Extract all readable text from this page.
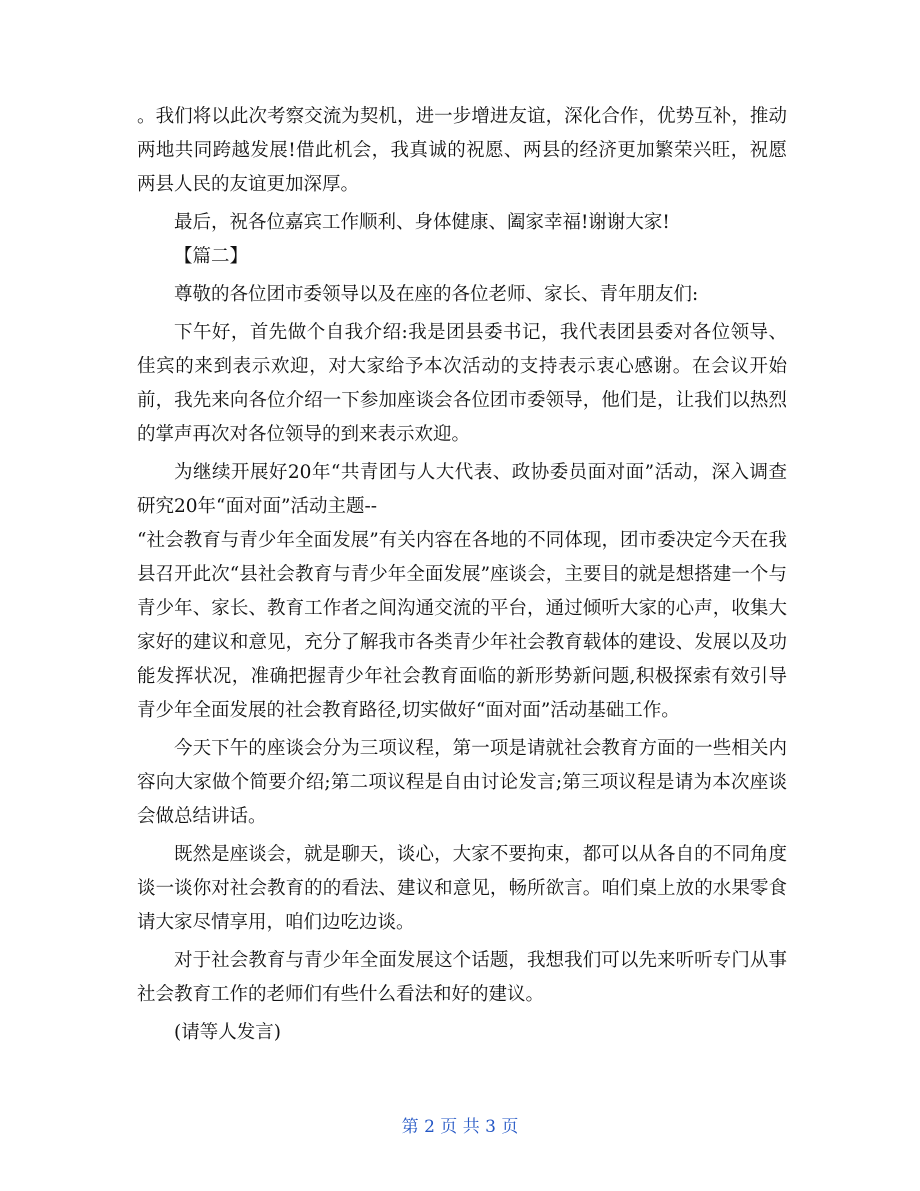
。我们将以此次考察交流为契机，进一步增进友谊，深化合作，优势互补，推动两地共同跨越发展!借此机会，我真诚的祝愿、两县的经济更加繁荣兴旺，祝愿两县人民的友谊更加深厚。

最后，祝各位嘉宾工作顺利、身体健康、阖家幸福!谢谢大家!

【篇二】

尊敬的各位团市委领导以及在座的各位老师、家长、青年朋友们:

下午好，首先做个自我介绍:我是团县委书记，我代表团县委对各位领导、佳宾的来到表示欢迎，对大家给予本次活动的支持表示衷心感谢。在会议开始前，我先来向各位介绍一下参加座谈会各位团市委领导，他们是，让我们以热烈的掌声再次对各位领导的到来表示欢迎。

为继续开展好20年“共青团与人大代表、政协委员面对面”活动，深入调查研究20年“面对面”活动主题--

“社会教育与青少年全面发展”有关内容在各地的不同体现，团市委决定今天在我县召开此次“县社会教育与青少年全面发展”座谈会，主要目的就是想搭建一个与青少年、家长、教育工作者之间沟通交流的平台，通过倾听大家的心声，收集大家好的建议和意见，充分了解我市各类青少年社会教育载体的建设、发展以及功能发挥状况，准确把握青少年社会教育面临的新形势新问题,积极探索有效引导青少年全面发展的社会教育路径,切实做好“面对面”活动基础工作。

今天下午的座谈会分为三项议程，第一项是请就社会教育方面的一些相关内容向大家做个简要介绍;第二项议程是自由讨论发言;第三项议程是请为本次座谈会做总结讲话。

既然是座谈会，就是聊天，谈心，大家不要拘束，都可以从各自的不同角度谈一谈你对社会教育的的看法、建议和意见，畅所欲言。咱们桌上放的水果零食请大家尽情享用，咱们边吃边谈。

对于社会教育与青少年全面发展这个话题，我想我们可以先来听听专门从事社会教育工作的老师们有些什么看法和好的建议。

(请等人发言)

第 2 页 共 3 页
